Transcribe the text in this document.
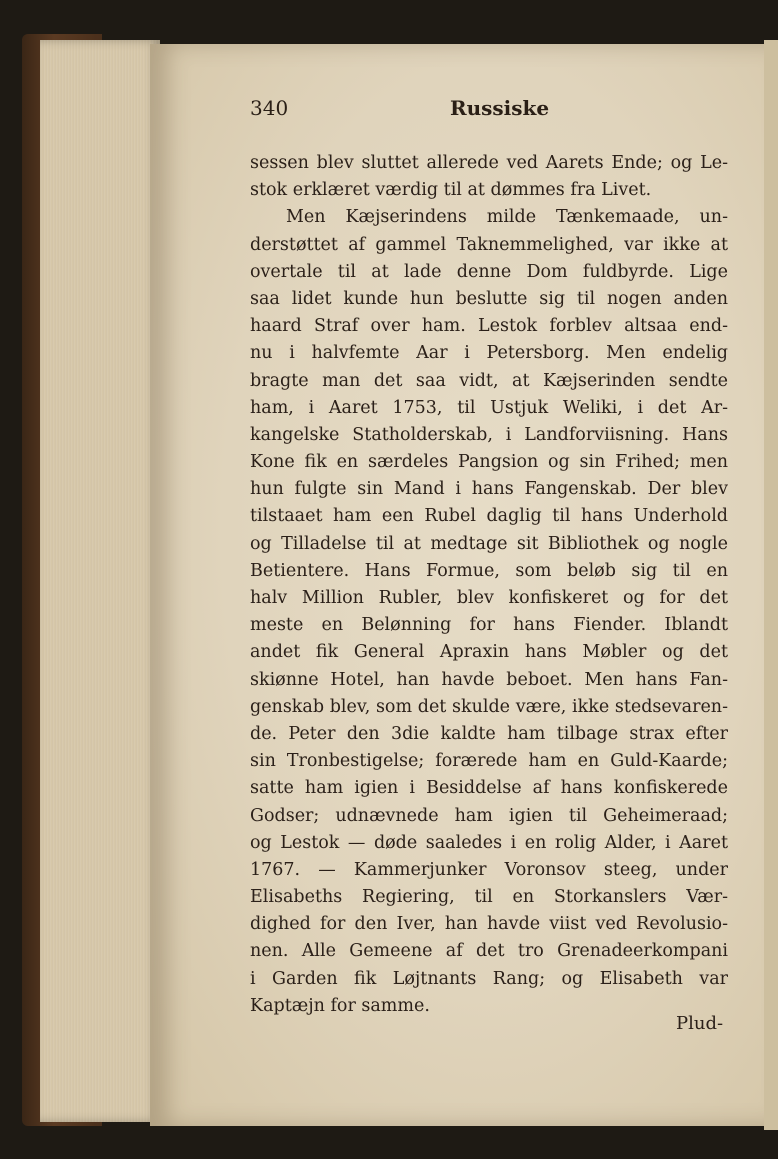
340	Russiske
sessen blev sluttet allerede ved Aarets Ende; og Le-
stok erklæret værdig til at dømmes fra Livet.
Men Kæjserindens milde Tænkemaade, un-
derstøttet af gammel Taknemmelighed, var ikke at
overtale til at lade denne Dom fuldbyrde. Lige
saa lidet kunde hun beslutte sig til nogen anden
haard Straf over ham. Lestok forblev altsaa end-
nu i halvfemte Aar i Petersborg. Men endelig
bragte man det saa vidt, at Kæjserinden sendte
ham, i Aaret 1753, til Ustjuk Weliki, i det Ar-
kangelske Statholderskab, i Landforviisning. Hans
Kone fik en særdeles Pangsion og sin Frihed; men
hun fulgte sin Mand i hans Fangenskab. Der blev
tilstaaet ham een Rubel daglig til hans Underhold
og Tilladelse til at medtage sit Bibliothek og nogle
Betientere. Hans Formue, som beløb sig til en
halv Million Rubler, blev konfiskeret og for det
meste en Belønning for hans Fiender. Iblandt
andet fik General Apraxin hans Møbler og det
skiønne Hotel, han havde beboet. Men hans Fan-
genskab blev, som det skulde være, ikke stedsevaren-
de. Peter den 3die kaldte ham tilbage strax efter
sin Tronbestigelse; forærede ham en Guld-Kaarde;
satte ham igien i Besiddelse af hans konfiskerede
Godser; udnævnede ham igien til Geheimeraad;
og Lestok — døde saaledes i en rolig Alder, i Aaret
1767. — Kammerjunker Voronsov steeg, under
Elisabeths Regiering, til en Storkanslers Vær-
dighed for den Iver, han havde viist ved Revolusio-
nen. Alle Gemeene af det tro Grenadeerkompani
i Garden fik Løjtnants Rang; og Elisabeth var
Kaptæjn for samme.
Plud-
